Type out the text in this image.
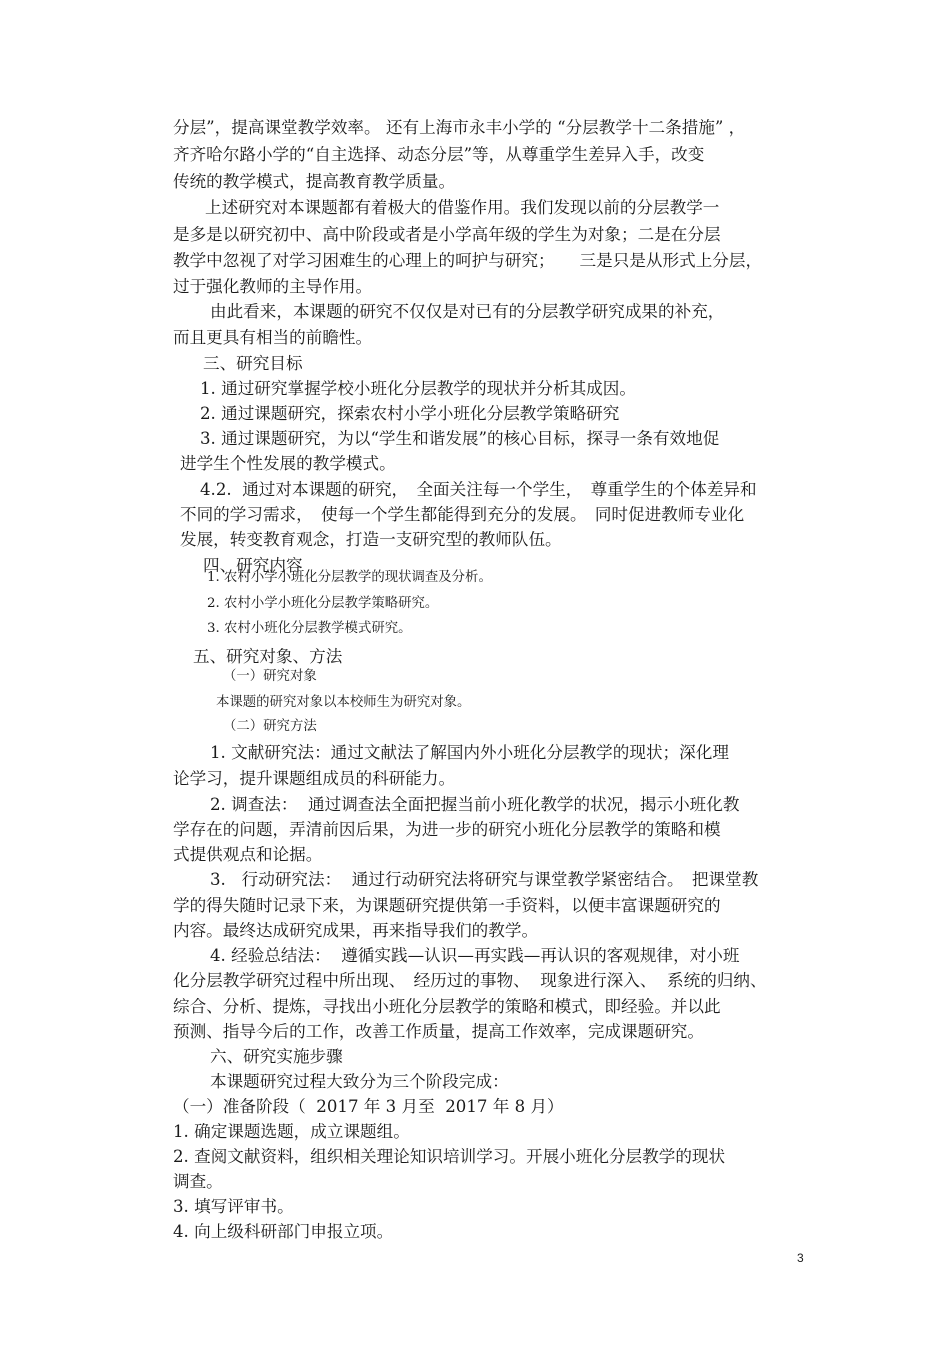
分层”，提高课堂教学效率。 还有上海市永丰小学的 “分层教学十二条措施” ，
齐齐哈尔路小学的“自主选择、动态分层”等，从尊重学生差异入手，改变
传统的教学模式，提高教育教学质量。
上述研究对本课题都有着极大的借鉴作用。我们发现以前的分层教学一
是多是以研究初中、高中阶段或者是小学高年级的学生为对象；二是在分层
教学中忽视了对学习困难生的心理上的呵护与研究；　　三是只是从形式上分层，
过于强化教师的主导作用。
由此看来，本课题的研究不仅仅是对已有的分层教学研究成果的补充，
而且更具有相当的前瞻性。
三、研究目标
1. 通过研究掌握学校小班化分层教学的现状并分析其成因。
2. 通过课题研究，探索农村小学小班化分层教学策略研究
3. 通过课题研究，为以“学生和谐发展”的核心目标，探寻一条有效地促
进学生个性发展的教学模式。
4.2.  通过对本课题的研究，　全面关注每一个学生，　尊重学生的个体差异和
不同的学习需求，　使每一个学生都能得到充分的发展。　同时促进教师专业化
发展，转变教育观念，打造一支研究型的教师队伍。
四、研究内容
1. 农村小学小班化分层教学的现状调查及分析。
2. 农村小学小班化分层教学策略研究。
3. 农村小班化分层教学模式研究。
五、研究对象、方法
（一）研究对象
本课题的研究对象以本校师生为研究对象。
（二）研究方法
1. 文献研究法：通过文献法了解国内外小班化分层教学的现状；深化理
论学习，提升课题组成员的科研能力。
2. 调查法：  通过调查法全面把握当前小班化教学的状况，揭示小班化教
学存在的问题，弄清前因后果，为进一步的研究小班化分层教学的策略和模
式提供观点和论据。
3.   行动研究法：  通过行动研究法将研究与课堂教学紧密结合。　把课堂教
学的得失随时记录下来，为课题研究提供第一手资料，以便丰富课题研究的
内容。最终达成研究成果，再来指导我们的教学。
4. 经验总结法：  遵循实践—认识—再实践—再认识的客观规律，对小班
化分层教学研究过程中所出现、　经历过的事物、  现象进行深入、  系统的归纳、
综合、分析、提炼，寻找出小班化分层教学的策略和模式，即经验。并以此
预测、指导今后的工作，改善工作质量，提高工作效率，完成课题研究。
六、研究实施步骤
本课题研究过程大致分为三个阶段完成：
（一）准备阶段（  2017 年 3 月至  2017 年 8 月）
1. 确定课题选题，成立课题组。
2. 查阅文献资料，组织相关理论知识培训学习。开展小班化分层教学的现状
调查。
3. 填写评审书。
4. 向上级科研部门申报立项。
3
